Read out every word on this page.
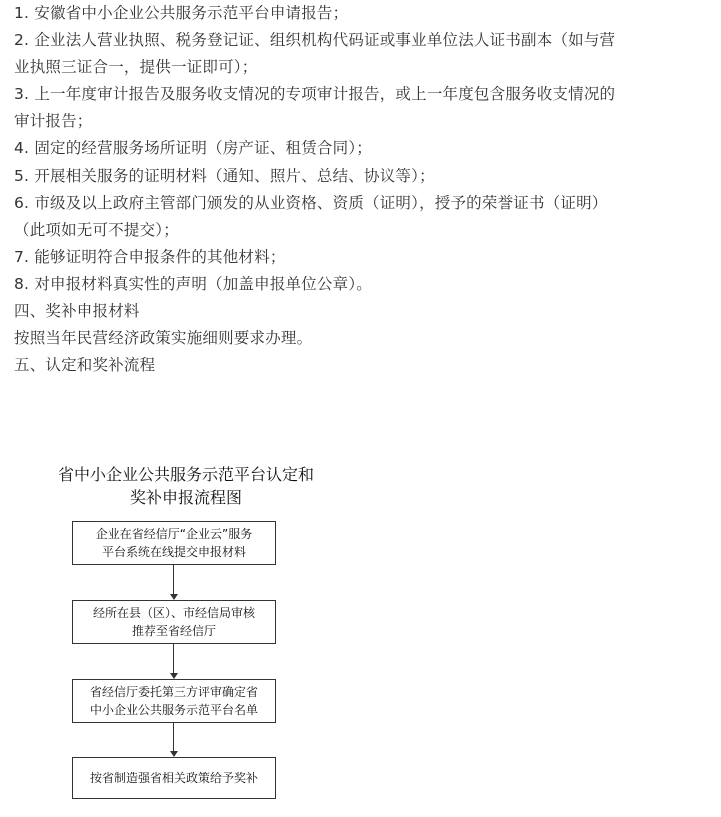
1. 安徽省中小企业公共服务示范平台申请报告；

2. 企业法人营业执照、税务登记证、组织机构代码证或事业单位法人证书副本（如与营

业执照三证合一，提供一证即可）；

3. 上一年度审计报告及服务收支情况的专项审计报告，或上一年度包含服务收支情况的

审计报告；

4. 固定的经营服务场所证明（房产证、租赁合同）；

5. 开展相关服务的证明材料（通知、照片、总结、协议等）；

6. 市级及以上政府主管部门颁发的从业资格、资质（证明），授予的荣誉证书（证明）

（此项如无可不提交）；

7. 能够证明符合申报条件的其他材料；

8. 对申报材料真实性的声明（加盖申报单位公章）。

四、奖补申报材料

按照当年民营经济政策实施细则要求办理。

五、认定和奖补流程

省中小企业公共服务示范平台认定和
奖补申报流程图
企业在省经信厅“企业云”服务
平台系统在线提交申报材料
经所在县（区）、市经信局审核
推荐至省经信厅
省经信厅委托第三方评审确定省
中小企业公共服务示范平台名单
按省制造强省相关政策给予奖补
